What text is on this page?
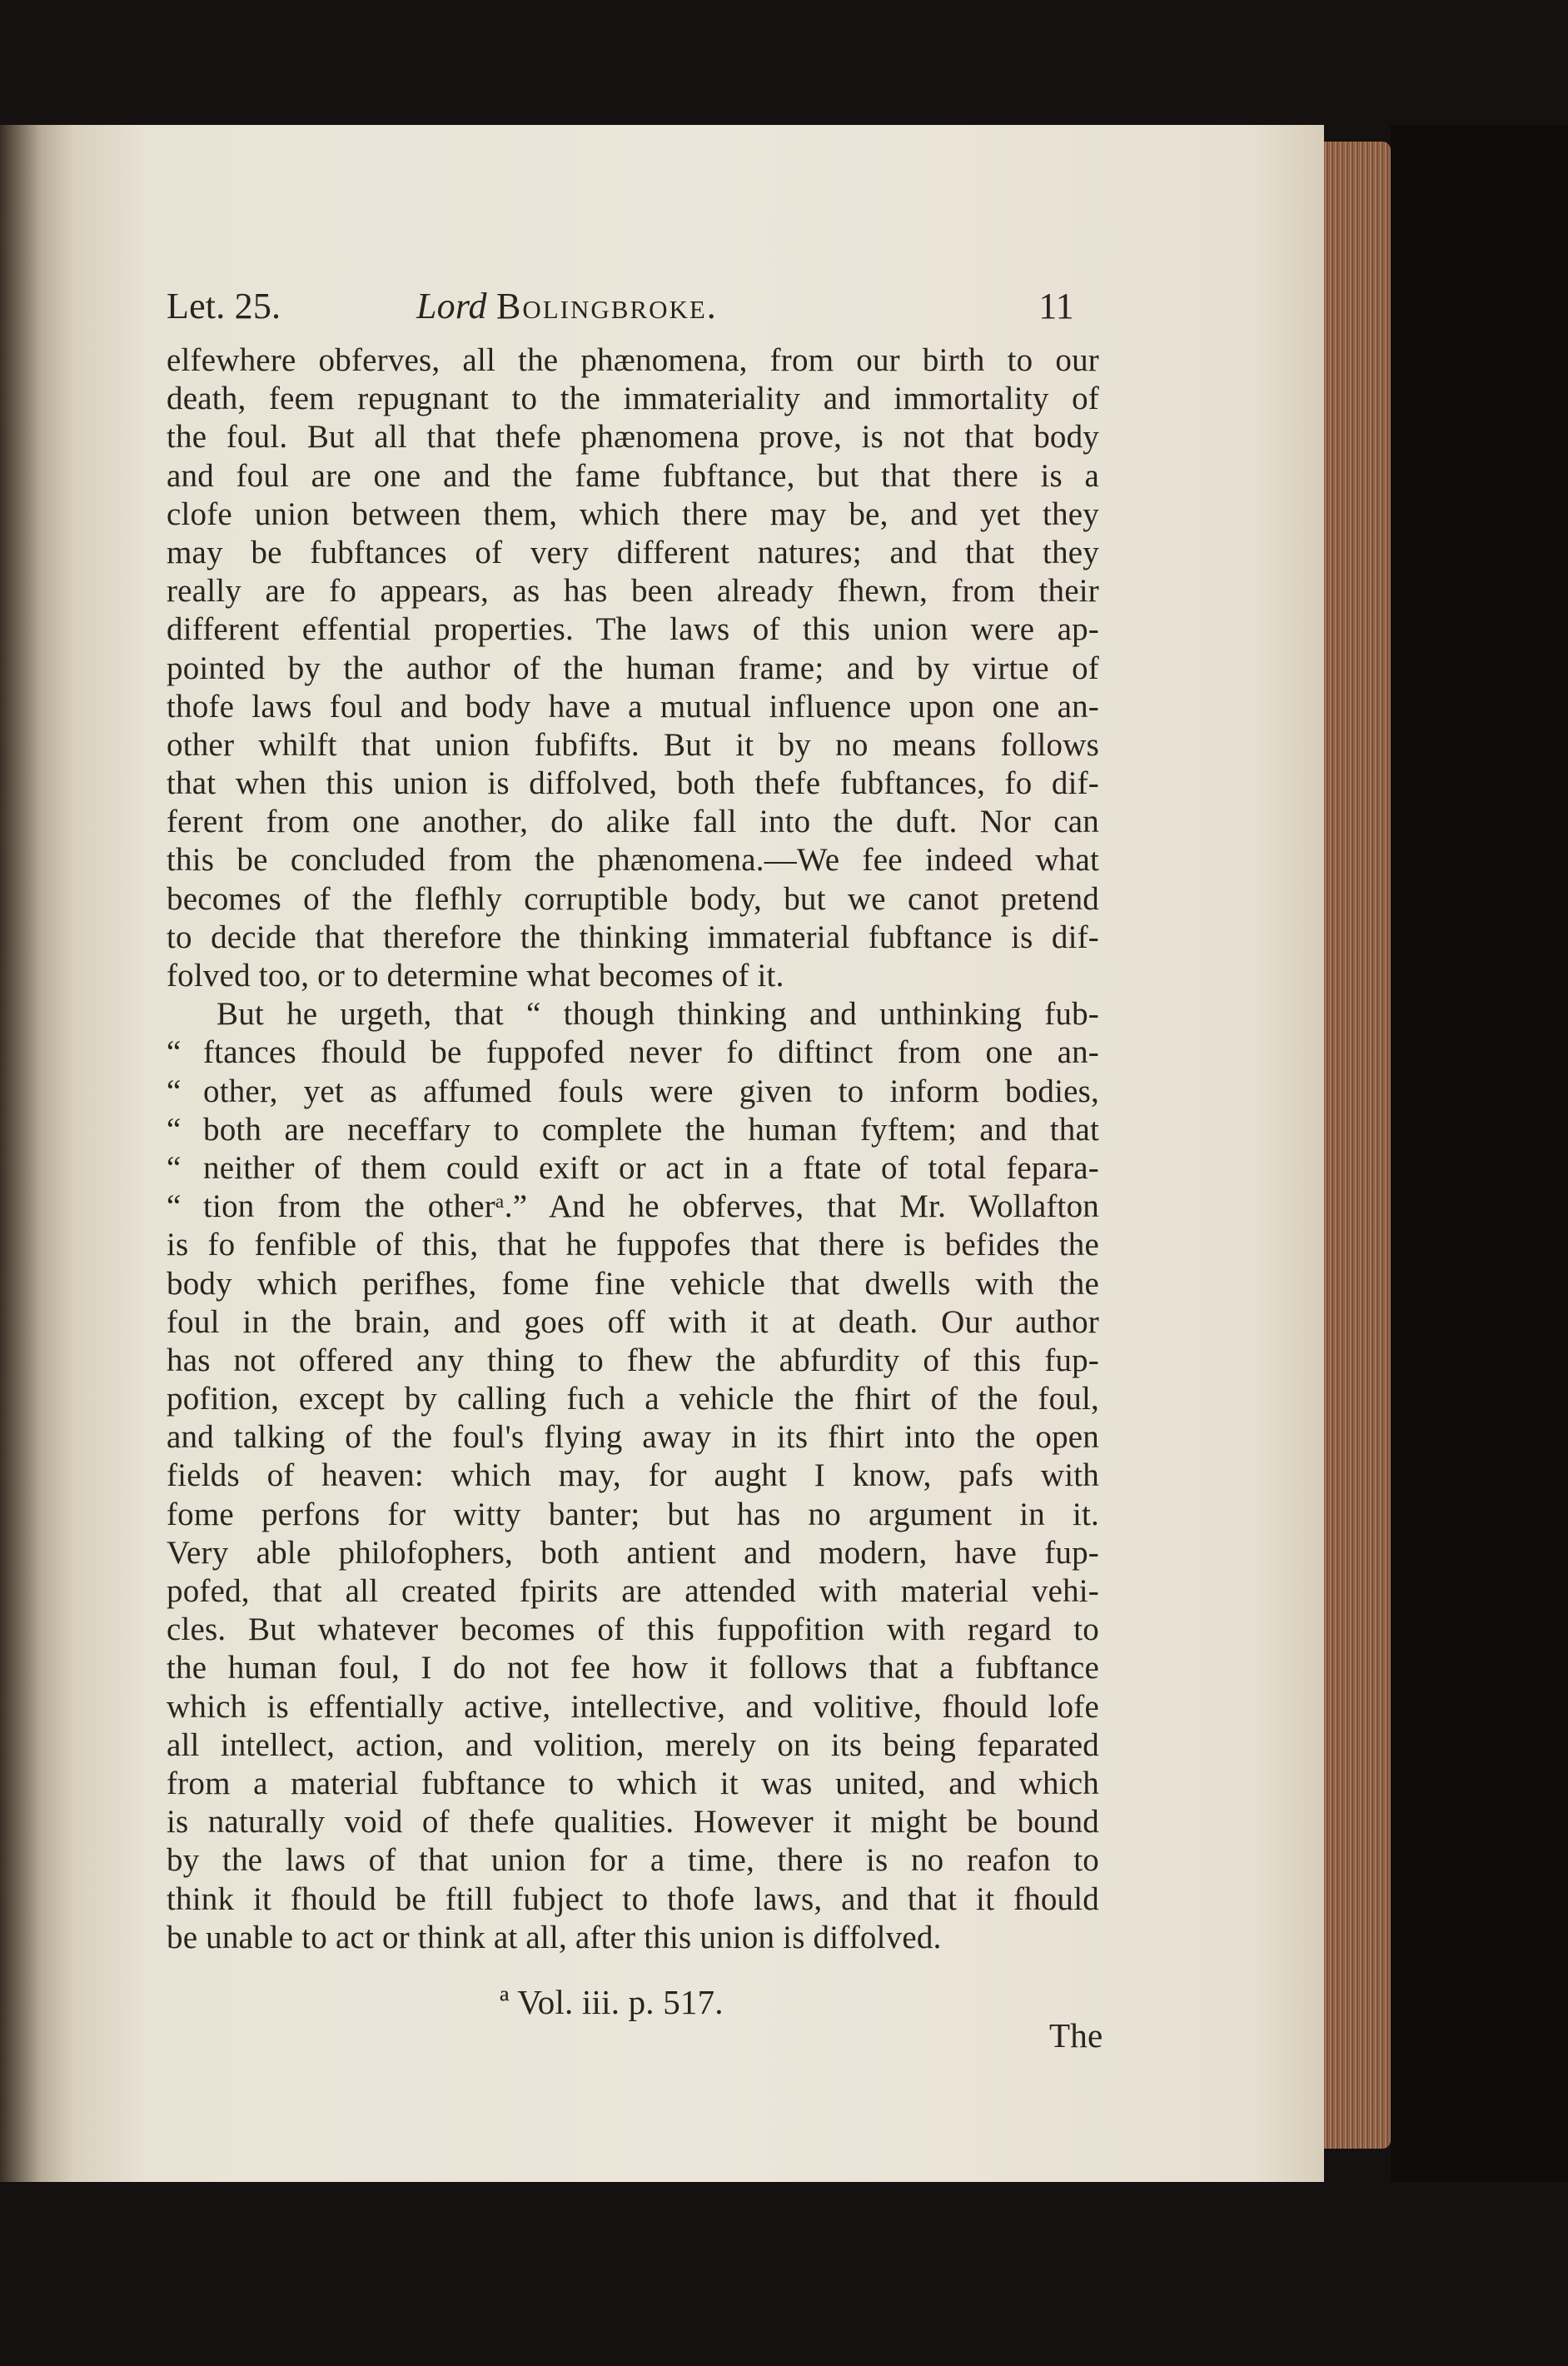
Let. 25.	Lord Bolingbroke.	11
elfewhere obferves, all the phænomena, from our birth to our
death, feem repugnant to the immateriality and immortality of
the foul. But all that thefe phænomena prove, is not that body
and foul are one and the fame fubftance, but that there is a
clofe union between them, which there may be, and yet they
may be fubftances of very different natures; and that they
really are fo appears, as has been already fhewn, from their
different effential properties. The laws of this union were ap-
pointed by the author of the human frame; and by virtue of
thofe laws foul and body have a mutual influence upon one an-
other whilft that union fubfifts. But it by no means follows
that when this union is diffolved, both thefe fubftances, fo dif-
ferent from one another, do alike fall into the duft. Nor can
this be concluded from the phænomena.—We fee indeed what
becomes of the flefhly corruptible body, but we canot pretend
to decide that therefore the thinking immaterial fubftance is dif-
folved too, or to determine what becomes of it.
But he urgeth, that “ though thinking and unthinking fub-
“ ftances fhould be fuppofed never fo diftinct from one an-
“ other, yet as affumed fouls were given to inform bodies,
“ both are neceffary to complete the human fyftem; and that
“ neither of them could exift or act in a ftate of total fepara-
“ tion from the otherᵃ.” And he obferves, that Mr. Wollafton
is fo fenfible of this, that he fuppofes that there is befides the
body which perifhes, fome fine vehicle that dwells with the
foul in the brain, and goes off with it at death. Our author
has not offered any thing to fhew the abfurdity of this fup-
pofition, except by calling fuch a vehicle the fhirt of the foul,
and talking of the foul's flying away in its fhirt into the open
fields of heaven: which may, for aught I know, pafs with
fome perfons for witty banter; but has no argument in it.
Very able philofophers, both antient and modern, have fup-
pofed, that all created fpirits are attended with material vehi-
cles. But whatever becomes of this fuppofition with regard to
the human foul, I do not fee how it follows that a fubftance
which is effentially active, intellective, and volitive, fhould lofe
all intellect, action, and volition, merely on its being feparated
from a material fubftance to which it was united, and which
is naturally void of thefe qualities. However it might be bound
by the laws of that union for a time, there is no reafon to
think it fhould be ftill fubject to thofe laws, and that it fhould
be unable to act or think at all, after this union is diffolved.
ª Vol. iii. p. 517.
The
